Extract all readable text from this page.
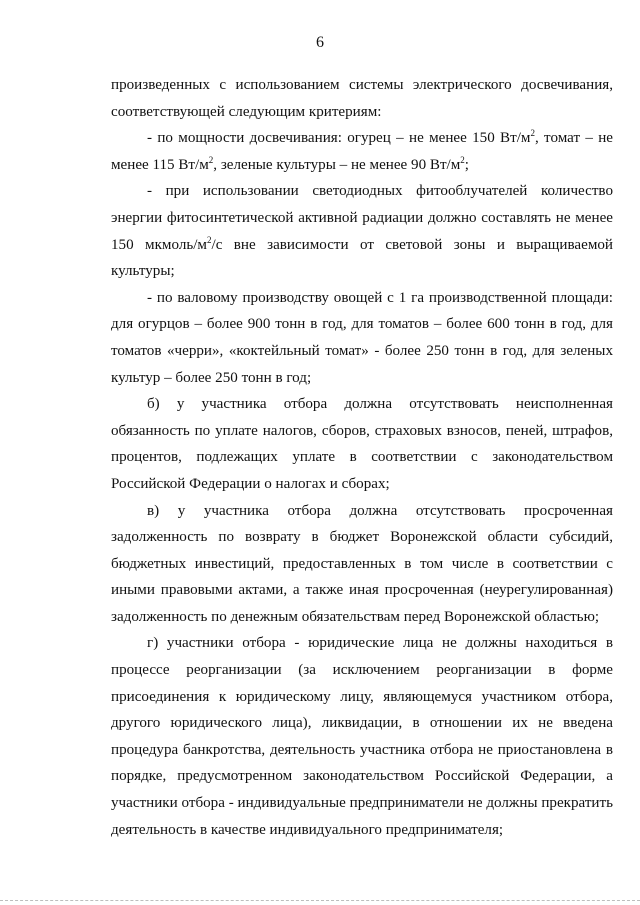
6

произведенных с использованием системы электрического досвечивания, соответствующей следующим критериям:

- по мощности досвечивания: огурец – не менее 150 $Вт/м^2$, томат – не менее 115 $Вт/м^2$, зеленые культуры – не менее 90 $Вт/м^2$;

- при использовании светодиодных фитооблучателей количество энергии фитосинтетической активной радиации должно составлять не менее 150 мкмоль/$м^2/с$ вне зависимости от световой зоны и выращиваемой культуры;

- по валовому производству овощей с 1 га производственной площади: для огурцов – более 900 тонн в год, для томатов – более 600 тонн в год, для томатов «черри», «коктейльный томат» - более 250 тонн в год, для зеленых культур – более 250 тонн в год;

б) у участника отбора должна отсутствовать неисполненная обязанность по уплате налогов, сборов, страховых взносов, пеней, штрафов, процентов, подлежащих уплате в соответствии с законодательством Российской Федерации о налогах и сборах;

в) у участника отбора должна отсутствовать просроченная задолженность по возврату в бюджет Воронежской области субсидий, бюджетных инвестиций, предоставленных в том числе в соответствии с иными правовыми актами, а также иная просроченная (неурегулированная) задолженность по денежным обязательствам перед Воронежской областью;

г) участники отбора - юридические лица не должны находиться в процессе реорганизации (за исключением реорганизации в форме присоединения к юридическому лицу, являющемуся участником отбора, другого юридического лица), ликвидации, в отношении их не введена процедура банкротства, деятельность участника отбора не приостановлена в порядке, предусмотренном законодательством Российской Федерации, а участники отбора - индивидуальные предприниматели не должны прекратить деятельность в качестве индивидуального предпринимателя;
